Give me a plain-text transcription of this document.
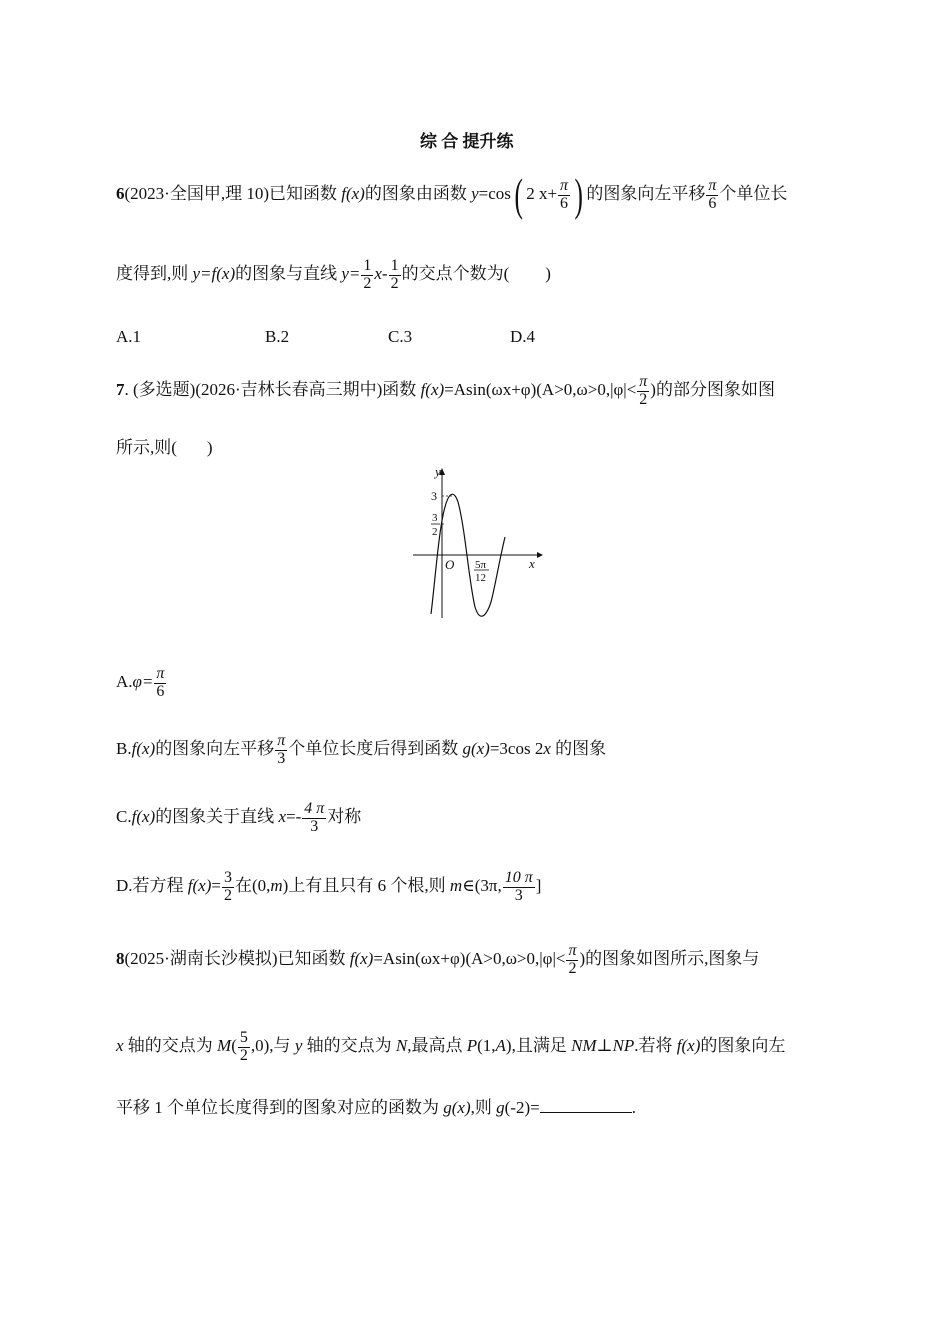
综 合 提升练
6(2023·全国甲,理 10)已知函数 f(x)的图象由函数 y=cos( 2 $x+ \frac{\pi}{6}$ ) 的图象向左平移 $\frac{\pi}{6}$ 个单位长
度得到,则 y=f(x)的图象与直线 $y= \frac{1}{2} x- \frac{1}{2}$ 的交点个数为( )
A.1	B.2	C.3	D.4
7. (多选题)(2026·吉林长春高三期中)函数 $f(x)=Asin(\omega x+\varphi)(A>0,\omega>0,|\varphi|< \frac{\pi}{2}$ )的部分图象如图
所示,则( )
y
x
O
3
3
2
5π
12
$A.\varphi= \frac{\pi}{6}$
B.f(x)的图象向左平移 $\frac{\pi}{3}$ 个单位长度后得到函数 g(x)=3cos 2x 的图象
C.f(x)的图象关于直线 $x=- \frac{4 \pi}{3}$ 对称
D.若方程 $f(x)= \frac{3}{2}$ 在(0,m)上有且只有 6 个根,则 m∈(3π, $\frac{10 \pi}{3}$ ]
8(2025·湖南长沙模拟)已知函数 $f(x)=Asin(\omega x+\varphi)(A>0,\omega>0,|\varphi|< \frac{\pi}{2}$ )的图象如图所示,图象与
x 轴的交点为 $M( \frac{5}{2} ,0)$,与 y 轴的交点为 N,最高点 P(1,A),且满足 NM⊥NP.若将 f(x)的图象向左
平移 1 个单位长度得到的图象对应的函数为 g(x),则 g(-2)=	.
